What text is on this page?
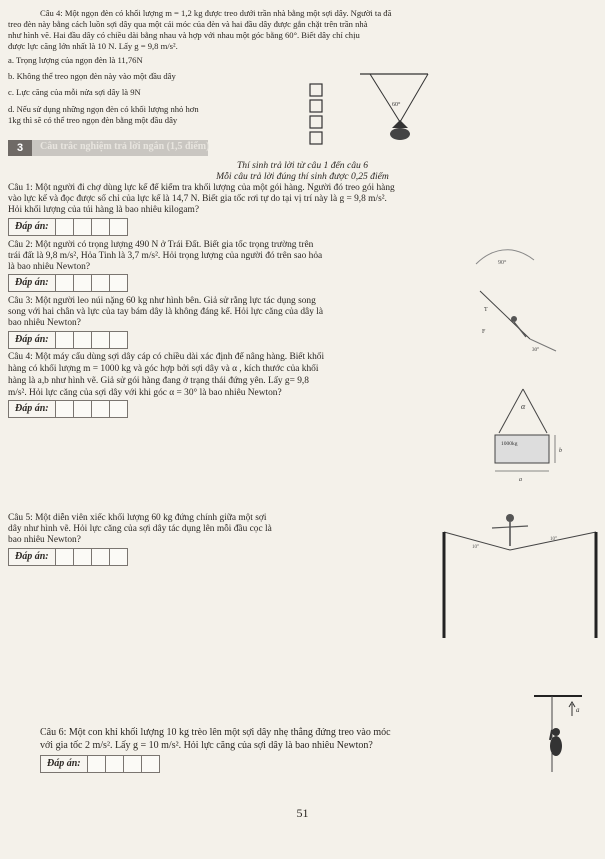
Câu 4: Một ngọn đèn có khối lượng m = 1,2 kg được treo dưới trần nhà bằng một sợi dây. Người ta đã
treo đèn này bằng cách luồn sợi dây qua một cái móc của đèn và hai đầu dây được gắn chặt trên trần nhà
như hình vẽ. Hai đầu dây có chiều dài bằng nhau và hợp với nhau một góc bằng 60°. Biết dây chỉ chịu
được lực căng lớn nhất là 10 N. Lấy g = 9,8 m/s².
a. Trọng lượng của ngọn đèn là 11,76N
b. Không thể treo ngọn đèn này vào một đầu dây
c. Lực căng của mỗi nửa sợi dây là 9N
d. Nếu sử dụng những ngọn đèn có khối lượng nhỏ hơn
1kg thì sẽ có thể treo ngọn đèn bằng một đầu dây
60°
3	Câu trắc nghiệm trả lời ngắn (1,5 điểm)
Thí sinh trả lời từ câu 1 đến câu 6
Mỗi câu trả lời đúng thí sinh được 0,25 điểm
Câu 1: Một người đi chợ dùng lực kế để kiểm tra khối lượng của một gói hàng. Người đó treo gói hàng
vào lực kế và đọc được số chỉ của lực kế là 14,7 N. Biết gia tốc rơi tự do tại vị trí này là g = 9,8 m/s².
Hỏi khối lượng của túi hàng là bao nhiêu kilogam?
Đáp án:
Câu 2: Một người có trọng lượng 490 N ở Trái Đất. Biết gia tốc trọng trường trên
trái đất là 9,8 m/s², Hỏa Tinh là 3,7 m/s². Hỏi trọng lượng của người đó trên sao hỏa
là bao nhiêu Newton?
Đáp án:
90°
Câu 3: Một người leo núi nặng 60 kg như hình bên. Giả sử rằng lực tác dụng song
song với hai chân và lực của tay bám dây là không đáng kể. Hỏi lực căng của dây là
bao nhiêu Newton?
Đáp án:
T
F
30°
Câu 4: Một máy cẩu dùng sợi dây cáp có chiều dài xác định để nâng hàng. Biết khối
hàng có khối lượng m = 1000 kg và góc hợp bởi sợi dây và α , kích thước của khối
hàng là a,b như hình vẽ. Giả sử gói hàng đang ở trạng thái đứng yên. Lấy g= 9,8
m/s². Hỏi lực căng của sợi dây với khi góc α = 30° là bao nhiêu Newton?
Đáp án:	α
1000kg
b
a
Câu 5: Một diễn viên xiếc khối lượng 60 kg đứng chính giữa một sợi
dây như hình vẽ. Hỏi lực căng của sợi dây tác dụng lên mỗi đầu cọc là
bao nhiêu Newton?
Đáp án:
10°
10°
Câu 6: Một con khỉ khối lượng 10 kg trèo lên một sợi dây nhẹ thẳng đứng treo vào móc
với gia tốc 2 m/s². Lấy g = 10 m/s². Hỏi lực căng của sợi dây là bao nhiêu Newton?
Đáp án:
a
51
